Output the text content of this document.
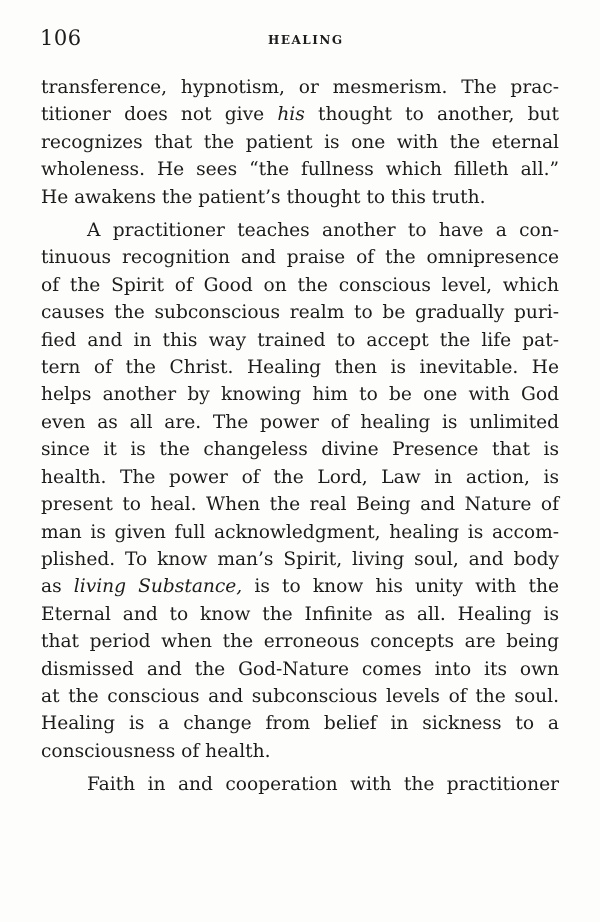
106	HEALING
transference, hypnotism, or mesmerism. The prac-
titioner does not give his thought to another, but
recognizes that the patient is one with the eternal
wholeness. He sees “the fullness which filleth all.”
He awakens the patient’s thought to this truth.
A practitioner teaches another to have a con-
tinuous recognition and praise of the omnipresence
of the Spirit of Good on the conscious level, which
causes the subconscious realm to be gradually puri-
fied and in this way trained to accept the life pat-
tern of the Christ. Healing then is inevitable. He
helps another by knowing him to be one with God
even as all are. The power of healing is unlimited
since it is the changeless divine Presence that is
health. The power of the Lord, Law in action, is
present to heal. When the real Being and Nature of
man is given full acknowledgment, healing is accom-
plished. To know man’s Spirit, living soul, and body
as living Substance, is to know his unity with the
Eternal and to know the Infinite as all. Healing is
that period when the erroneous concepts are being
dismissed and the God-Nature comes into its own
at the conscious and subconscious levels of the soul.
Healing is a change from belief in sickness to a
consciousness of health.
Faith in and cooperation with the practitioner
